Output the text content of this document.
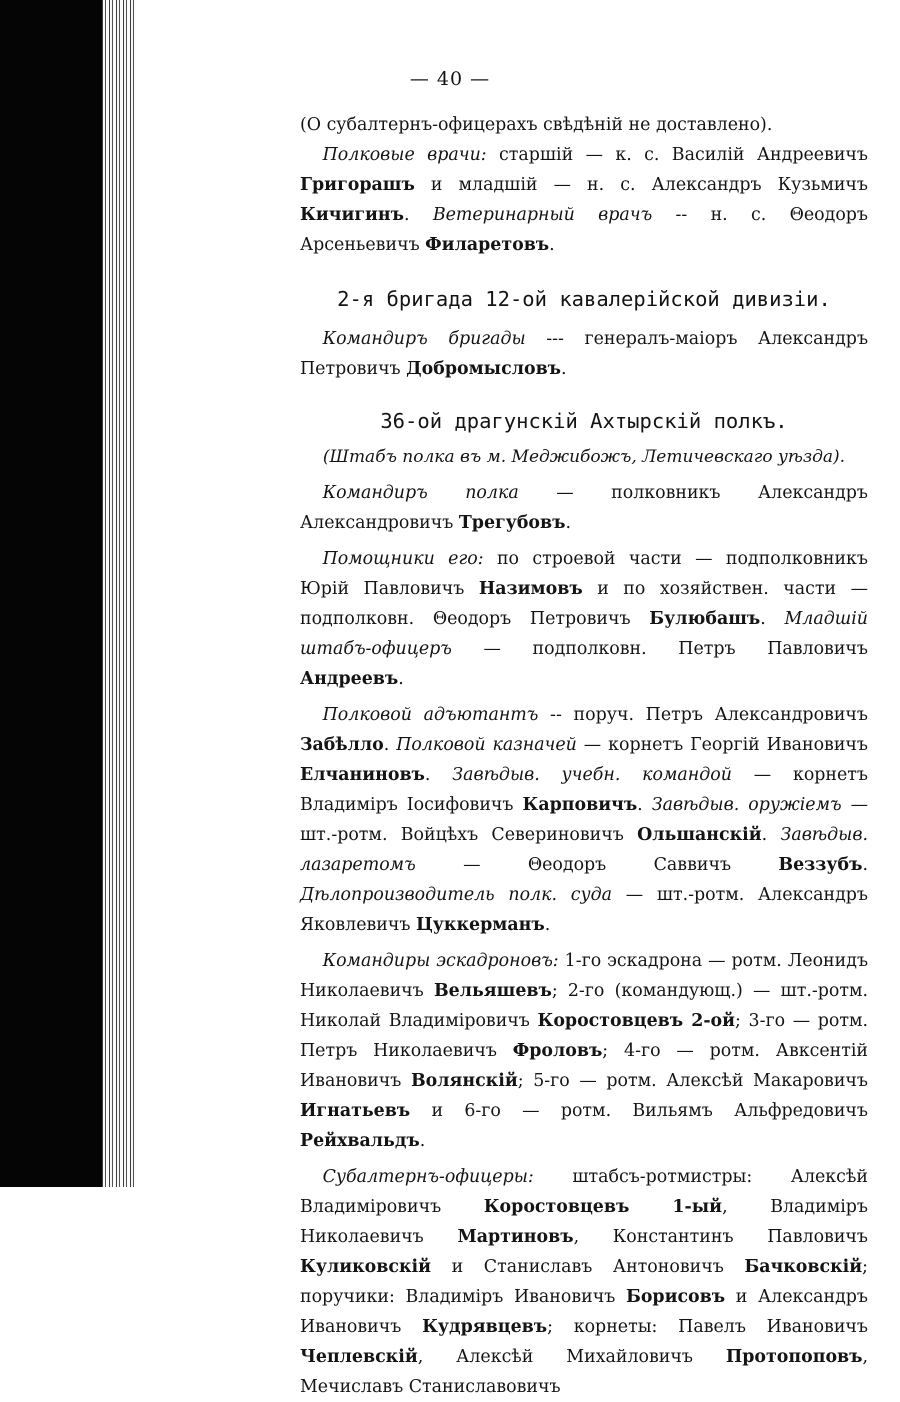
— 40 —

(О субалтернъ-офицерахъ свѣдѣній не доставлено).

Полковые врачи: старшій — к. с. Василій Андреевичъ Григорашъ и младшій — н. с. Александръ Кузьмичъ Кичигинъ. Ветеринарный врачъ -- н. с. Θеодоръ Арсеньевичъ Филаретовъ.

2-я бригада 12-ой кавалерійской дивизіи.

Командиръ бригады --- генералъ-маіоръ Александръ Петровичъ Добромысловъ.

36-ой драгунскій Ахтырскій полкъ.

(Штабъ полка въ м. Меджибожъ, Летичевскаго уѣзда).

Командиръ полка — полковникъ Александръ Александровичъ Трегубовъ.

Помощники его: по строевой части — подполковникъ Юрій Павловичъ Назимовъ и по хозяйствен. части — подполковн. Θеодоръ Петровичъ Булюбашъ. Младшій штабъ-офицеръ — подполковн. Петръ Павловичъ Андреевъ.

Полковой адъютантъ -- поруч. Петръ Александровичъ Забѣлло. Полковой казначей — корнетъ Георгій Ивановичъ Елчаниновъ. Завѣдыв. учебн. командой — корнетъ Владиміръ Іосифовичъ Карповичъ. Завѣдыв. оружіемъ — шт.-ротм. Войцѣхъ Севериновичъ Ольшанскій. Завѣдыв. лазаретомъ — Θеодоръ Саввичъ Веззубъ. Дѣлопроизводитель полк. суда — шт.-ротм. Александръ Яковлевичъ Цуккерманъ.

Командиры эскадроновъ: 1-го эскадрона — ротм. Леонидъ Николаевичъ Вельяшевъ; 2-го (командующ.) — шт.-ротм. Николай Владиміровичъ Коростовцевъ 2-ой; 3-го — ротм. Петръ Николаевичъ Фроловъ; 4-го — ротм. Авксентій Ивановичъ Волянскій; 5-го — ротм. Алексѣй Макаровичъ Игнатьевъ и 6-го — ротм. Вильямъ Альфредовичъ Рейхвальдъ.

Субалтернъ-офицеры: штабсъ-ротмистры: Алексѣй Владиміровичъ Коростовцевъ 1-ый, Владиміръ Николаевичъ Мартиновъ, Константинъ Павловичъ Куликовскій и Станиславъ Антоновичъ Бачковскій; поручики: Владиміръ Ивановичъ Борисовъ и Александръ Ивановичъ Кудрявцевъ; корнеты: Павелъ Ивановичъ Чеплевскій, Алексѣй Михайловичъ Протопоповъ, Мечиславъ Станиславовичъ
